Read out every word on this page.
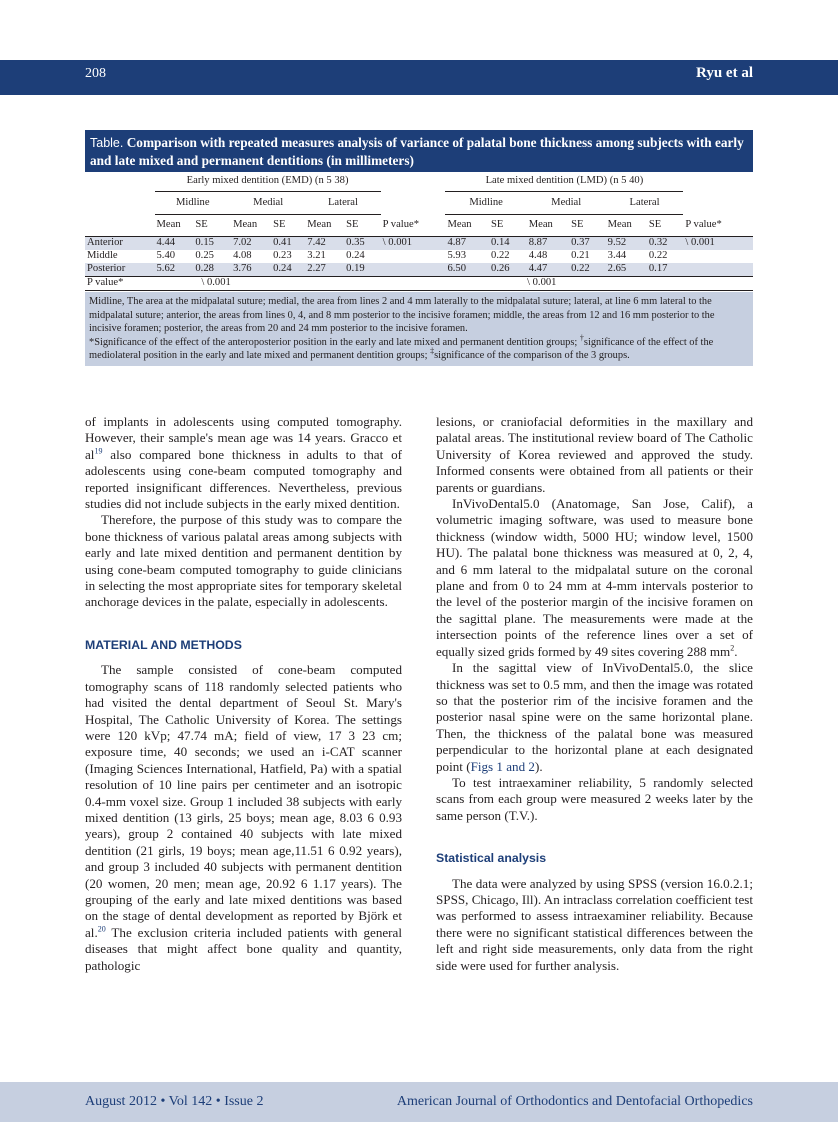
208	Ryu et al
Table. Comparison with repeated measures analysis of variance of palatal bone thickness among subjects with early and late mixed and permanent dentitions (in millimeters)
	Early mixed dentition (EMD) (n 5 38)							Late mixed dentition (LMD) (n 5 40)						
	Midline		Medial		Lateral			Midline		Medial		Lateral		
	Mean	SE	Mean	SE	Mean	SE	P value*	Mean	SE	Mean	SE	Mean	SE	P value*
Anterior	4.44	0.15	7.02	0.41	7.42	0.35	\ 0.001	4.87	0.14	8.87	0.37	9.52	0.32	\ 0.001
Middle	5.40	0.25	4.08	0.23	3.21	0.24		5.93	0.22	4.48	0.21	3.44	0.22	
Posterior	5.62	0.28	3.76	0.24	2.27	0.19		6.50	0.26	4.47	0.22	2.65	0.17	
P value*		\ 0.001							\ 0.001					
Midline, The area at the midpalatal suture; medial, the area from lines 2 and 4 mm laterally to the midpalatal suture; lateral, at line 6 mm lateral to the midpalatal suture; anterior, the areas from lines 0, 4, and 8 mm posterior to the incisive foramen; middle, the areas from 12 and 16 mm posterior to the incisive foramen; posterior, the areas from 20 and 24 mm posterior to the incisive foramen.
*Significance of the effect of the anteroposterior position in the early and late mixed and permanent dentition groups; †significance of the effect of the mediolateral position in the early and late mixed and permanent dentition groups; ‡significance of the comparison of the 3 groups.

of implants in adolescents using computed tomography. However, their sample's mean age was 14 years. Gracco et al$^{19}$ also compared bone thickness in adults to that of adolescents using cone-beam computed tomography and reported insignificant differences. Nevertheless, previous studies did not include subjects in the early mixed dentition.

Therefore, the purpose of this study was to compare the bone thickness of various palatal areas among subjects with early and late mixed dentition and permanent dentition by using cone-beam computed tomography to guide clinicians in selecting the most appropriate sites for temporary skeletal anchorage devices in the palate, especially in adolescents.

MATERIAL AND METHODS

The sample consisted of cone-beam computed tomography scans of 118 randomly selected patients who had visited the dental department of Seoul St. Mary's Hospital, The Catholic University of Korea. The settings were 120 kVp; 47.74 mA; field of view, 17 3 23 cm; exposure time, 40 seconds; we used an i-CAT scanner (Imaging Sciences International, Hatfield, Pa) with a spatial resolution of 10 line pairs per centimeter and an isotropic 0.4-mm voxel size. Group 1 included 38 subjects with early mixed dentition (13 girls, 25 boys; mean age, 8.03 6 0.93 years), group 2 contained 40 subjects with late mixed dentition (21 girls, 19 boys; mean age,11.51 6 0.92 years), and group 3 included 40 subjects with permanent dentition (20 women, 20 men; mean age, 20.92 6 1.17 years). The grouping of the early and late mixed dentitions was based on the stage of dental development as reported by Bjӧrk et al.$^{20}$ The exclusion criteria included patients with general diseases that might affect bone quality and quantity, pathologic

lesions, or craniofacial deformities in the maxillary and palatal areas. The institutional review board of The Catholic University of Korea reviewed and approved the study. Informed consents were obtained from all patients or their parents or guardians.

InVivoDental5.0 (Anatomage, San Jose, Calif), a volumetric imaging software, was used to measure bone thickness (window width, 5000 HU; window level, 1500 HU). The palatal bone thickness was measured at 0, 2, 4, and 6 mm lateral to the midpalatal suture on the coronal plane and from 0 to 24 mm at 4-mm intervals posterior to the level of the posterior margin of the incisive foramen on the sagittal plane. The measurements were made at the intersection points of the reference lines over a set of equally sized grids formed by 49 sites covering 288 $mm^2$.

In the sagittal view of InVivoDental5.0, the slice thickness was set to 0.5 mm, and then the image was rotated so that the posterior rim of the incisive foramen and the posterior nasal spine were on the same horizontal plane. Then, the thickness of the palatal bone was measured perpendicular to the horizontal plane at each designated point (Figs 1 and 2).

To test intraexaminer reliability, 5 randomly selected scans from each group were measured 2 weeks later by the same person (T.V.).

Statistical analysis

The data were analyzed by using SPSS (version 16.0.2.1; SPSS, Chicago, Ill). An intraclass correlation coefficient test was performed to assess intraexaminer reliability. Because there were no significant statistical differences between the left and right side measurements, only data from the right side were used for further analysis.

August 2012 • Vol 142 • Issue 2	American Journal of Orthodontics and Dentofacial Orthopedics
